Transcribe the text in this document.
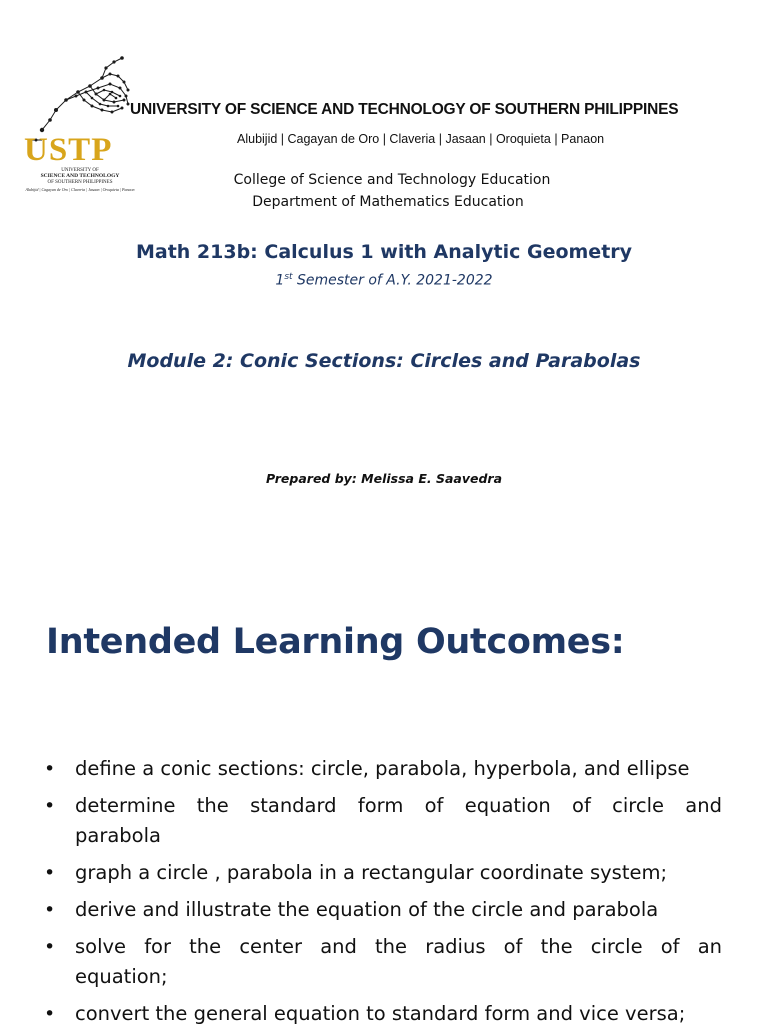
USTP
UNIVERSITY OF
SCIENCE AND TECHNOLOGY
OF SOUTHERN PHILIPPINES
Alubijid | Cagayan de Oro | Claveria | Jasaan | Oroquieta | Panaon
UNIVERSITY OF SCIENCE AND TECHNOLOGY OF SOUTHERN PHILIPPINES
Alubijid | Cagayan de Oro | Claveria | Jasaan | Oroquieta | Panaon
College of Science and Technology Education
Department of Mathematics Education
Math 213b: Calculus 1 with Analytic Geometry
1st Semester of A.Y. 2021-2022
Module 2: Conic Sections: Circles and Parabolas
Prepared by: Melissa E. Saavedra
Intended Learning Outcomes:
•	define a conic sections: circle, parabola, hyperbola, and ellipse
•	determine the standard form of equation of circle and
parabola
•	graph a circle , parabola in a rectangular coordinate system;
•	derive and illustrate the equation of the circle and parabola
•	solve for the center and the radius of the circle of an
equation;
•	convert the general equation to standard form and vice versa;
